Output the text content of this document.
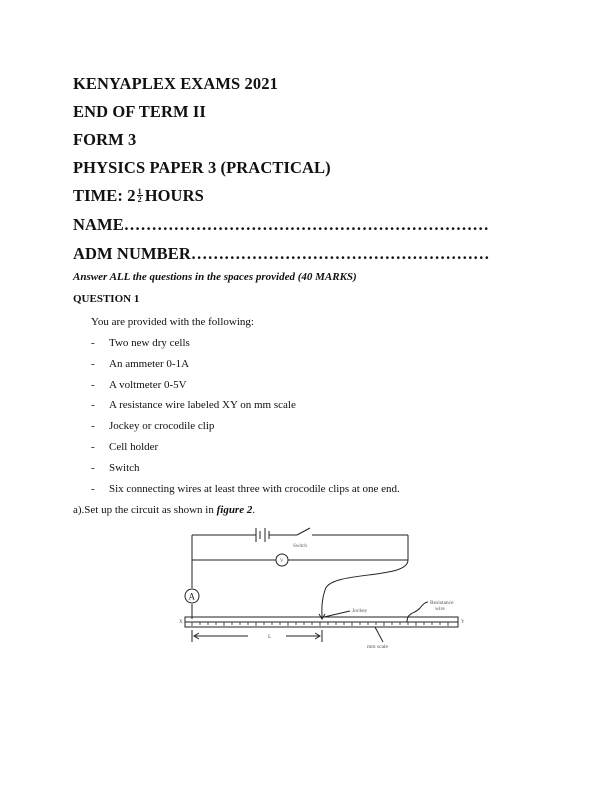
KENYAPLEX EXAMS 2021
END OF TERM II
FORM 3
PHYSICS PAPER 3 (PRACTICAL)
TIME: $2 \frac{1}{2}$ HOURS
NAME…………………………………………………………
ADM NUMBER………………………………………………
Answer ALL the questions in the spaces provided (40 MARKS)
QUESTION 1
You are provided with the following:
- Two new dry cells
- An ammeter 0-1A
- A voltmeter 0-5V
- A resistance wire labeled XY on mm scale
- Jockey or crocodile clip
- Cell holder
- Switch
- Six connecting wires at least three with crocodile clips at one end.
a).Set up the circuit as shown in figure 2.
Switch
V
A
Jockey
Resistance
wire
mm scale
X	Y
L
